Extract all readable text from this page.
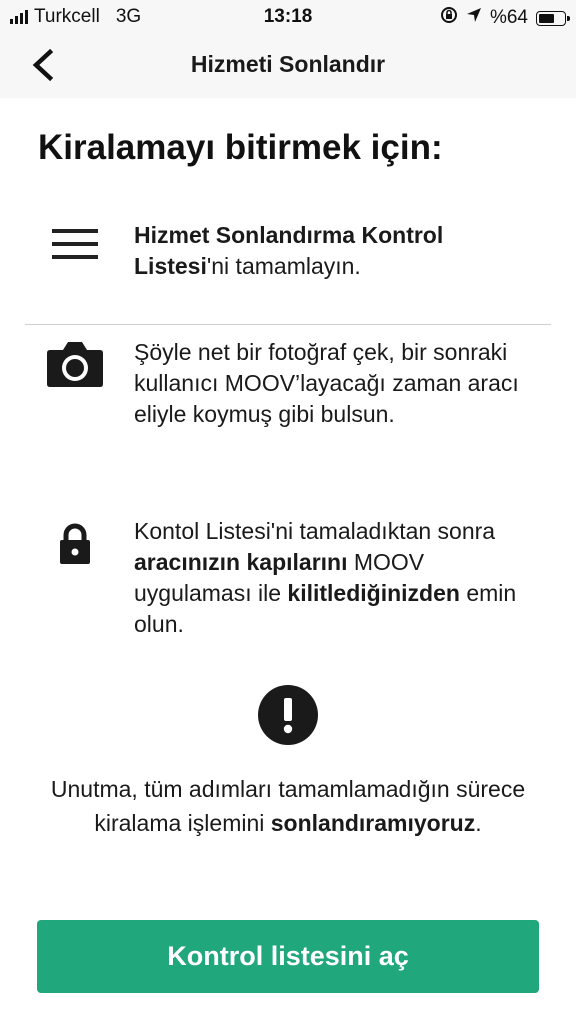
Turkcell 3G	13:18	%64
Hizmeti Sonlandır
Kiralamayı bitirmek için:
Hizmet Sonlandırma Kontrol Listesi'ni tamamlayın.
Şöyle net bir fotoğraf çek, bir sonraki kullanıcı MOOV’layacağı zaman aracı eliyle koymuş gibi bulsun.
Kontol Listesi'ni tamaladıktan sonra aracınızın kapılarını MOOV uygulaması ile kilitlediğinizden emin olun.
Unutma, tüm adımları tamamlamadığın sürece kiralama işlemini sonlandıramıyoruz.
Kontrol listesini aç
